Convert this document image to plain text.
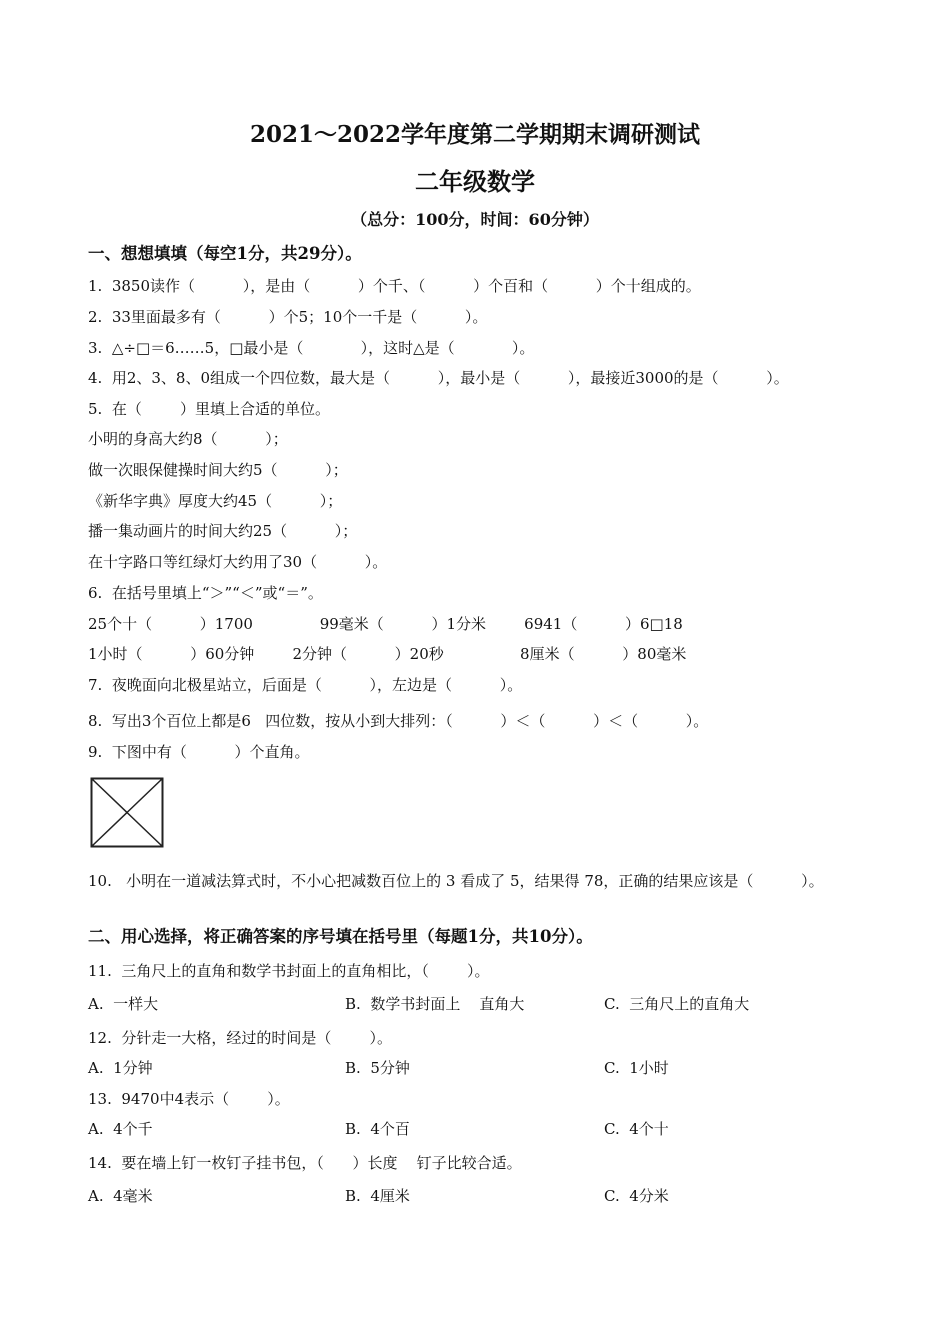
2021～2022学年度第二学期期末调研测试
二年级数学
（总分：100分，时间：60分钟）
一、想想填填（每空1分，共29分）。
1.  3850读作（          ），是由（          ）个千、（          ）个百和（          ）个十组成的。
2.  33里面最多有（          ）个5；10个一千是（          ）。
3.  △÷□＝6……5，□最小是（            ），这时△是（            ）。
4.  用2、3、8、0组成一个四位数，最大是（          ），最小是（          ），最接近3000的是（          ）。
5.  在（        ）里填上合适的单位。
小明的身高大约8（          ）；
做一次眼保健操时间大约5（          ）；
《新华字典》厚度大约45（          ）；
播一集动画片的时间大约25（          ）；
在十字路口等红绿灯大约用了30（          ）。
6.  在括号里填上“＞”“＜”或“＝”。
25个十（          ）1700              99毫米（          ）1分米        6941（          ）6□18
1小时（          ）60分钟        2分钟（          ）20秒                8厘米（          ）80毫米
7.  夜晚面向北极星站立，后面是（          ），左边是（          ）。
8.  写出3个百位上都是6   四位数，按从小到大排列：（          ）＜（          ）＜（          ）。
9.  下图中有（          ）个直角。
10.   小明在一道减法算式时，不小心把减数百位上的 3 看成了 5，结果得 78，正确的结果应该是（          ）。
二、用心选择，将正确答案的序号填在括号里（每题1分，共10分）。
11.  三角尺上的直角和数学书封面上的直角相比，（        ）。
A.  一样大	B.  数学书封面上    直角大	C.  三角尺上的直角大
12.  分针走一大格，经过的时间是（        ）。
A.  1分钟	B.  5分钟	C.  1小时
13.  9470中4表示（        ）。
A.  4个千	B.  4个百	C.  4个十
14.  要在墙上钉一枚钉子挂书包，（      ）长度    钉子比较合适。
A.  4毫米	B.  4厘米	C.  4分米
